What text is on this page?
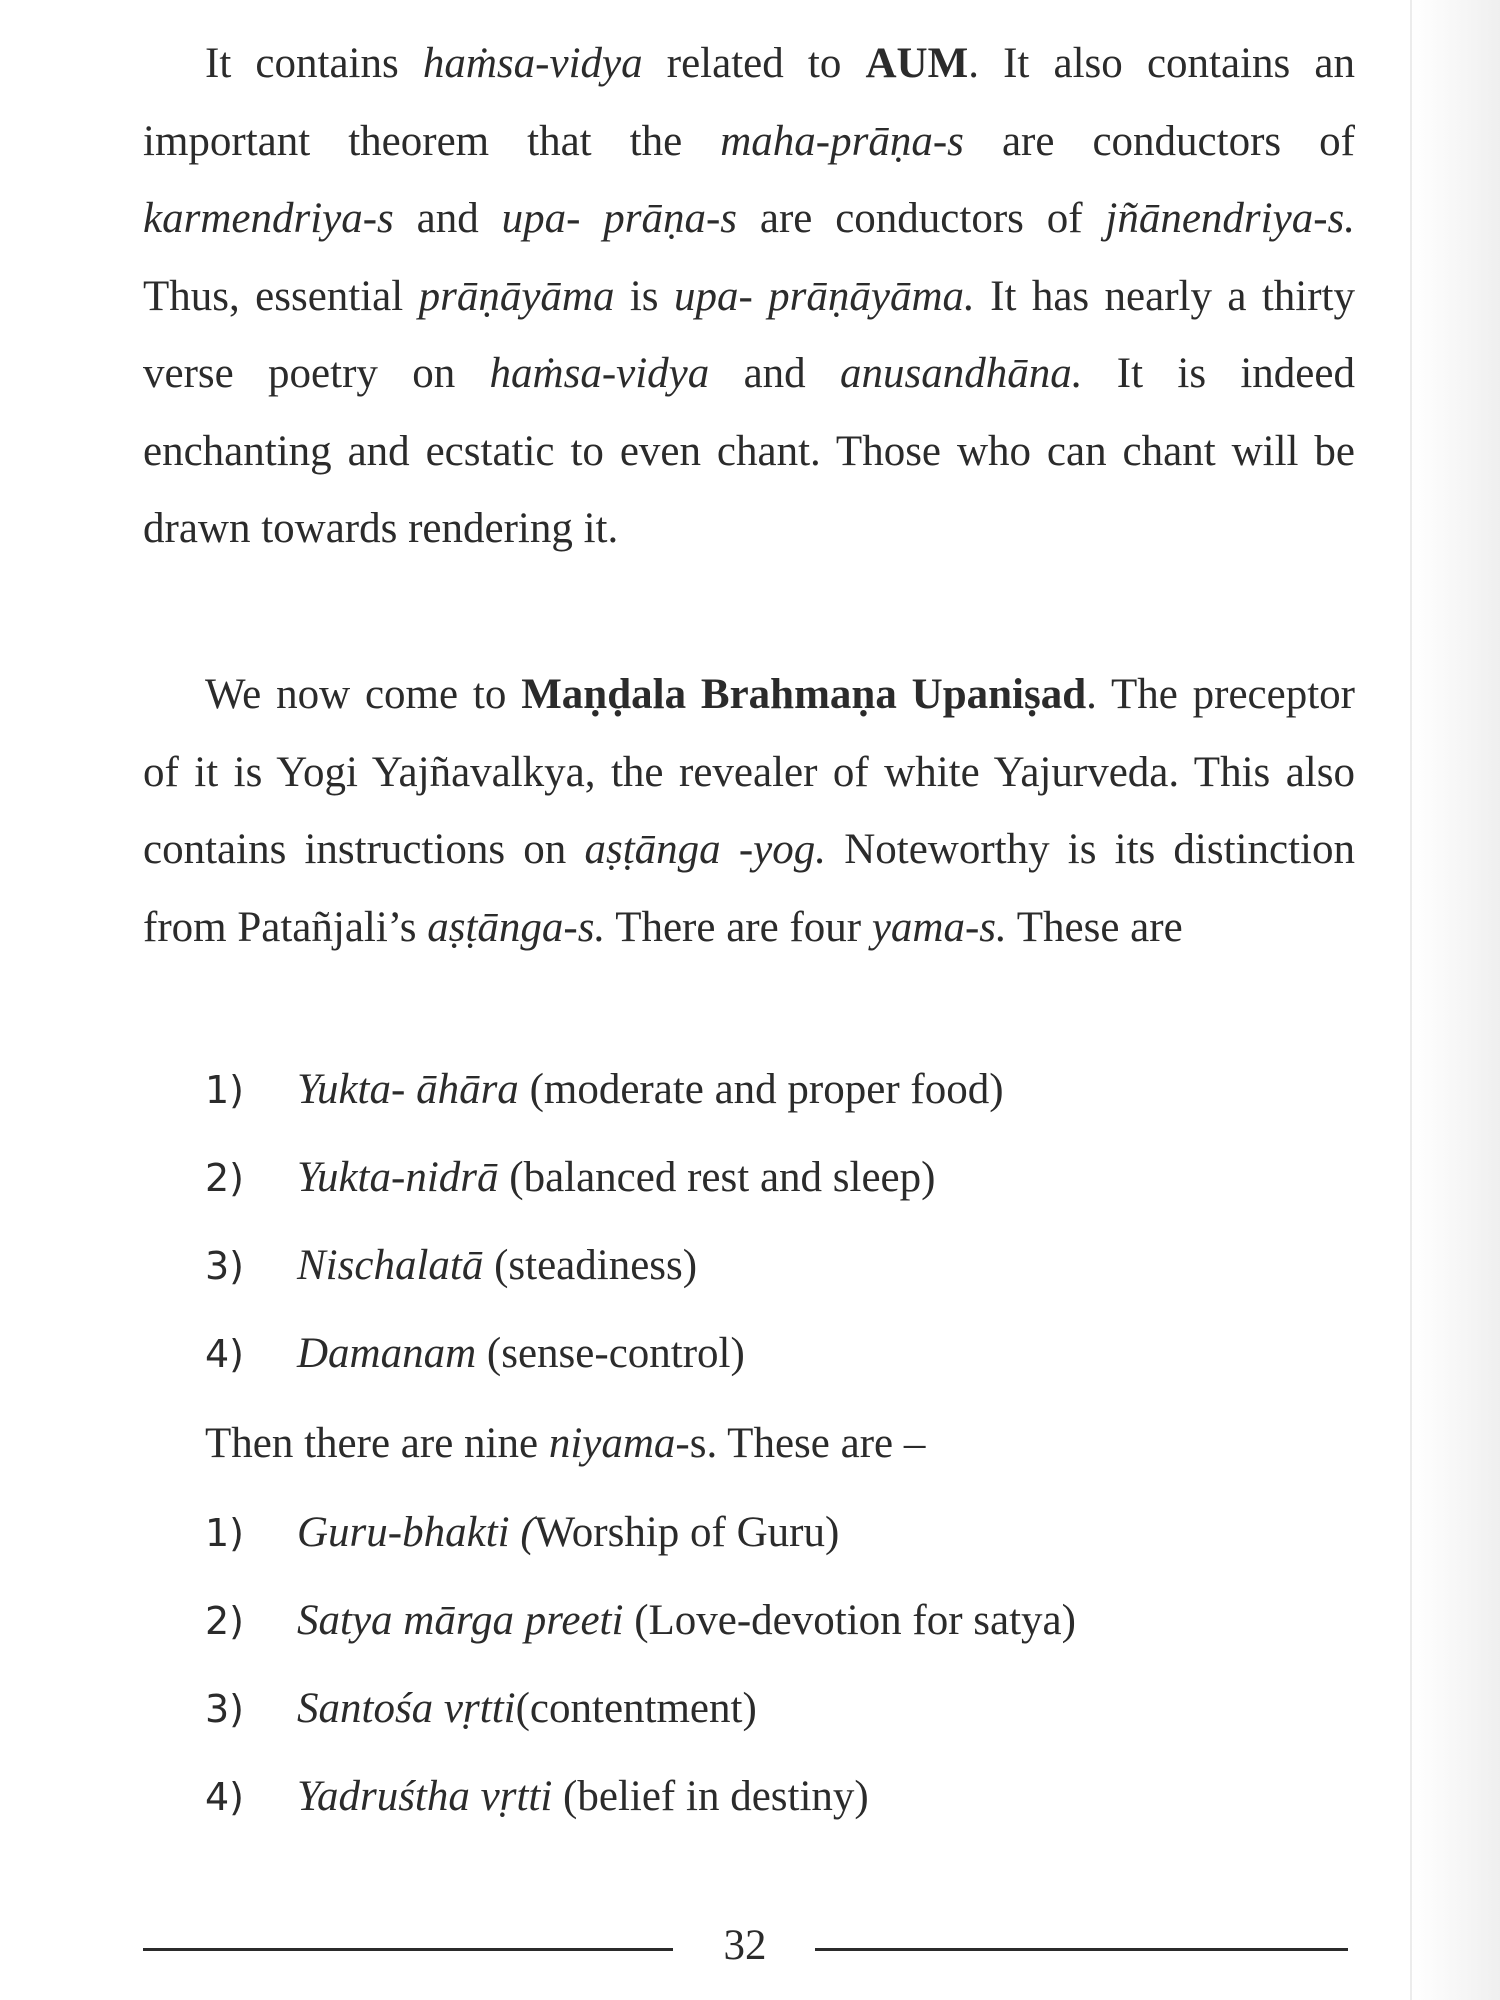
It contains haṁsa-vidya related to AUM. It also contains an important theorem that the maha-prāṇa-s are conductors of karmendriya-s and upa- prāṇa-s are conductors of jñānendriya-s. Thus, essential prāṇāyāma is upa- prāṇāyāma. It has nearly a thirty verse poetry on haṁsa-vidya and anusandhāna. It is indeed enchanting and ecstatic to even chant. Those who can chant will be drawn towards rendering it.

We now come to Maṇḍala Brahmaṇa Upaniṣad. The preceptor of it is Yogi Yajñavalkya, the revealer of white Yajurveda. This also contains instructions on aṣṭānga -yog. Noteworthy is its distinction from Patañjali’s aṣṭānga-s. There are four yama-s. These are

1) Yukta- āhāra (moderate and proper food)
2) Yukta-nidrā (balanced rest and sleep)
3) Nischalatā (steadiness)
4) Damanam (sense-control)
Then there are nine niyama-s. These are –
1) Guru-bhakti (Worship of Guru)
2) Satya mārga preeti (Love-devotion for satya)
3) Santośa vṛtti(contentment)
4) Yadruśtha vṛtti (belief in destiny)
32
